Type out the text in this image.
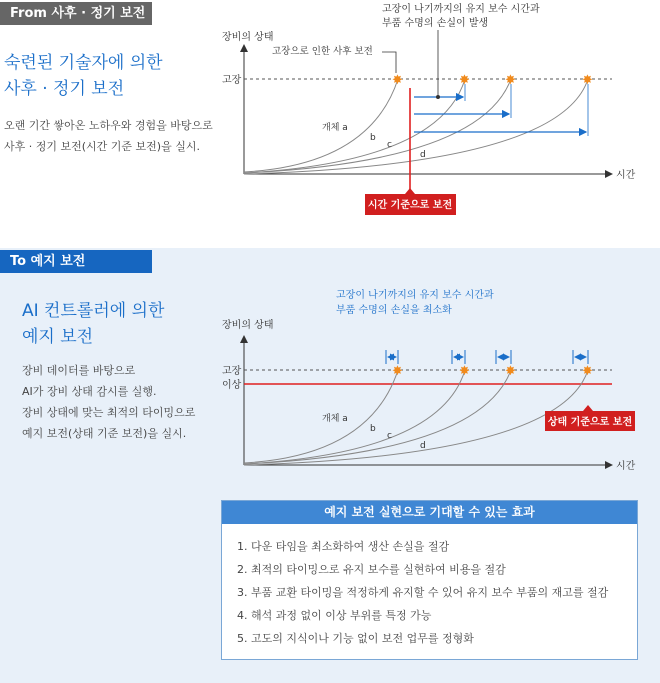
From 사후 · 정기 보전
숙련된 기술자에 의한
사후 · 정기 보전
오랜 기간 쌓아온 노하우와 경험을 바탕으로
사후 · 정기 보전(시간 기준 보전)을 실시.
장비의 상태
시간
고장
개체 a
b
c
d
✸	✸	✸	✸
고장이 나기까지의 유지 보수 시간과
부품 수명의 손실이 발생
고장으로 인한 사후 보전
시간 기준으로 보전
To 예지 보전
AI 컨트롤러에 의한
예지 보전
장비 데이터를 바탕으로
AI가 장비 상태 감시를 실행.
장비 상태에 맞는 최적의 타이밍으로
예지 보전(상태 기준 보전)을 실시.
장비의 상태
시간
고장
이상
개체 a
b
c
d
✸	✸	✸	✸
고장이 나기까지의 유지 보수 시간과
부품 수명의 손실을 최소화
상태 기준으로 보전
예지 보전 실현으로 기대할 수 있는 효과
1. 다운 타임을 최소화하여 생산 손실을 절감
2. 최적의 타이밍으로 유지 보수를 실현하여 비용을 절감
3. 부품 교환 타이밍을 적정하게 유지할 수 있어 유지 보수 부품의 재고를 절감
4. 해석 과정 없이 이상 부위를 특정 가능
5. 고도의 지식이나 기능 없이 보전 업무를 정형화
